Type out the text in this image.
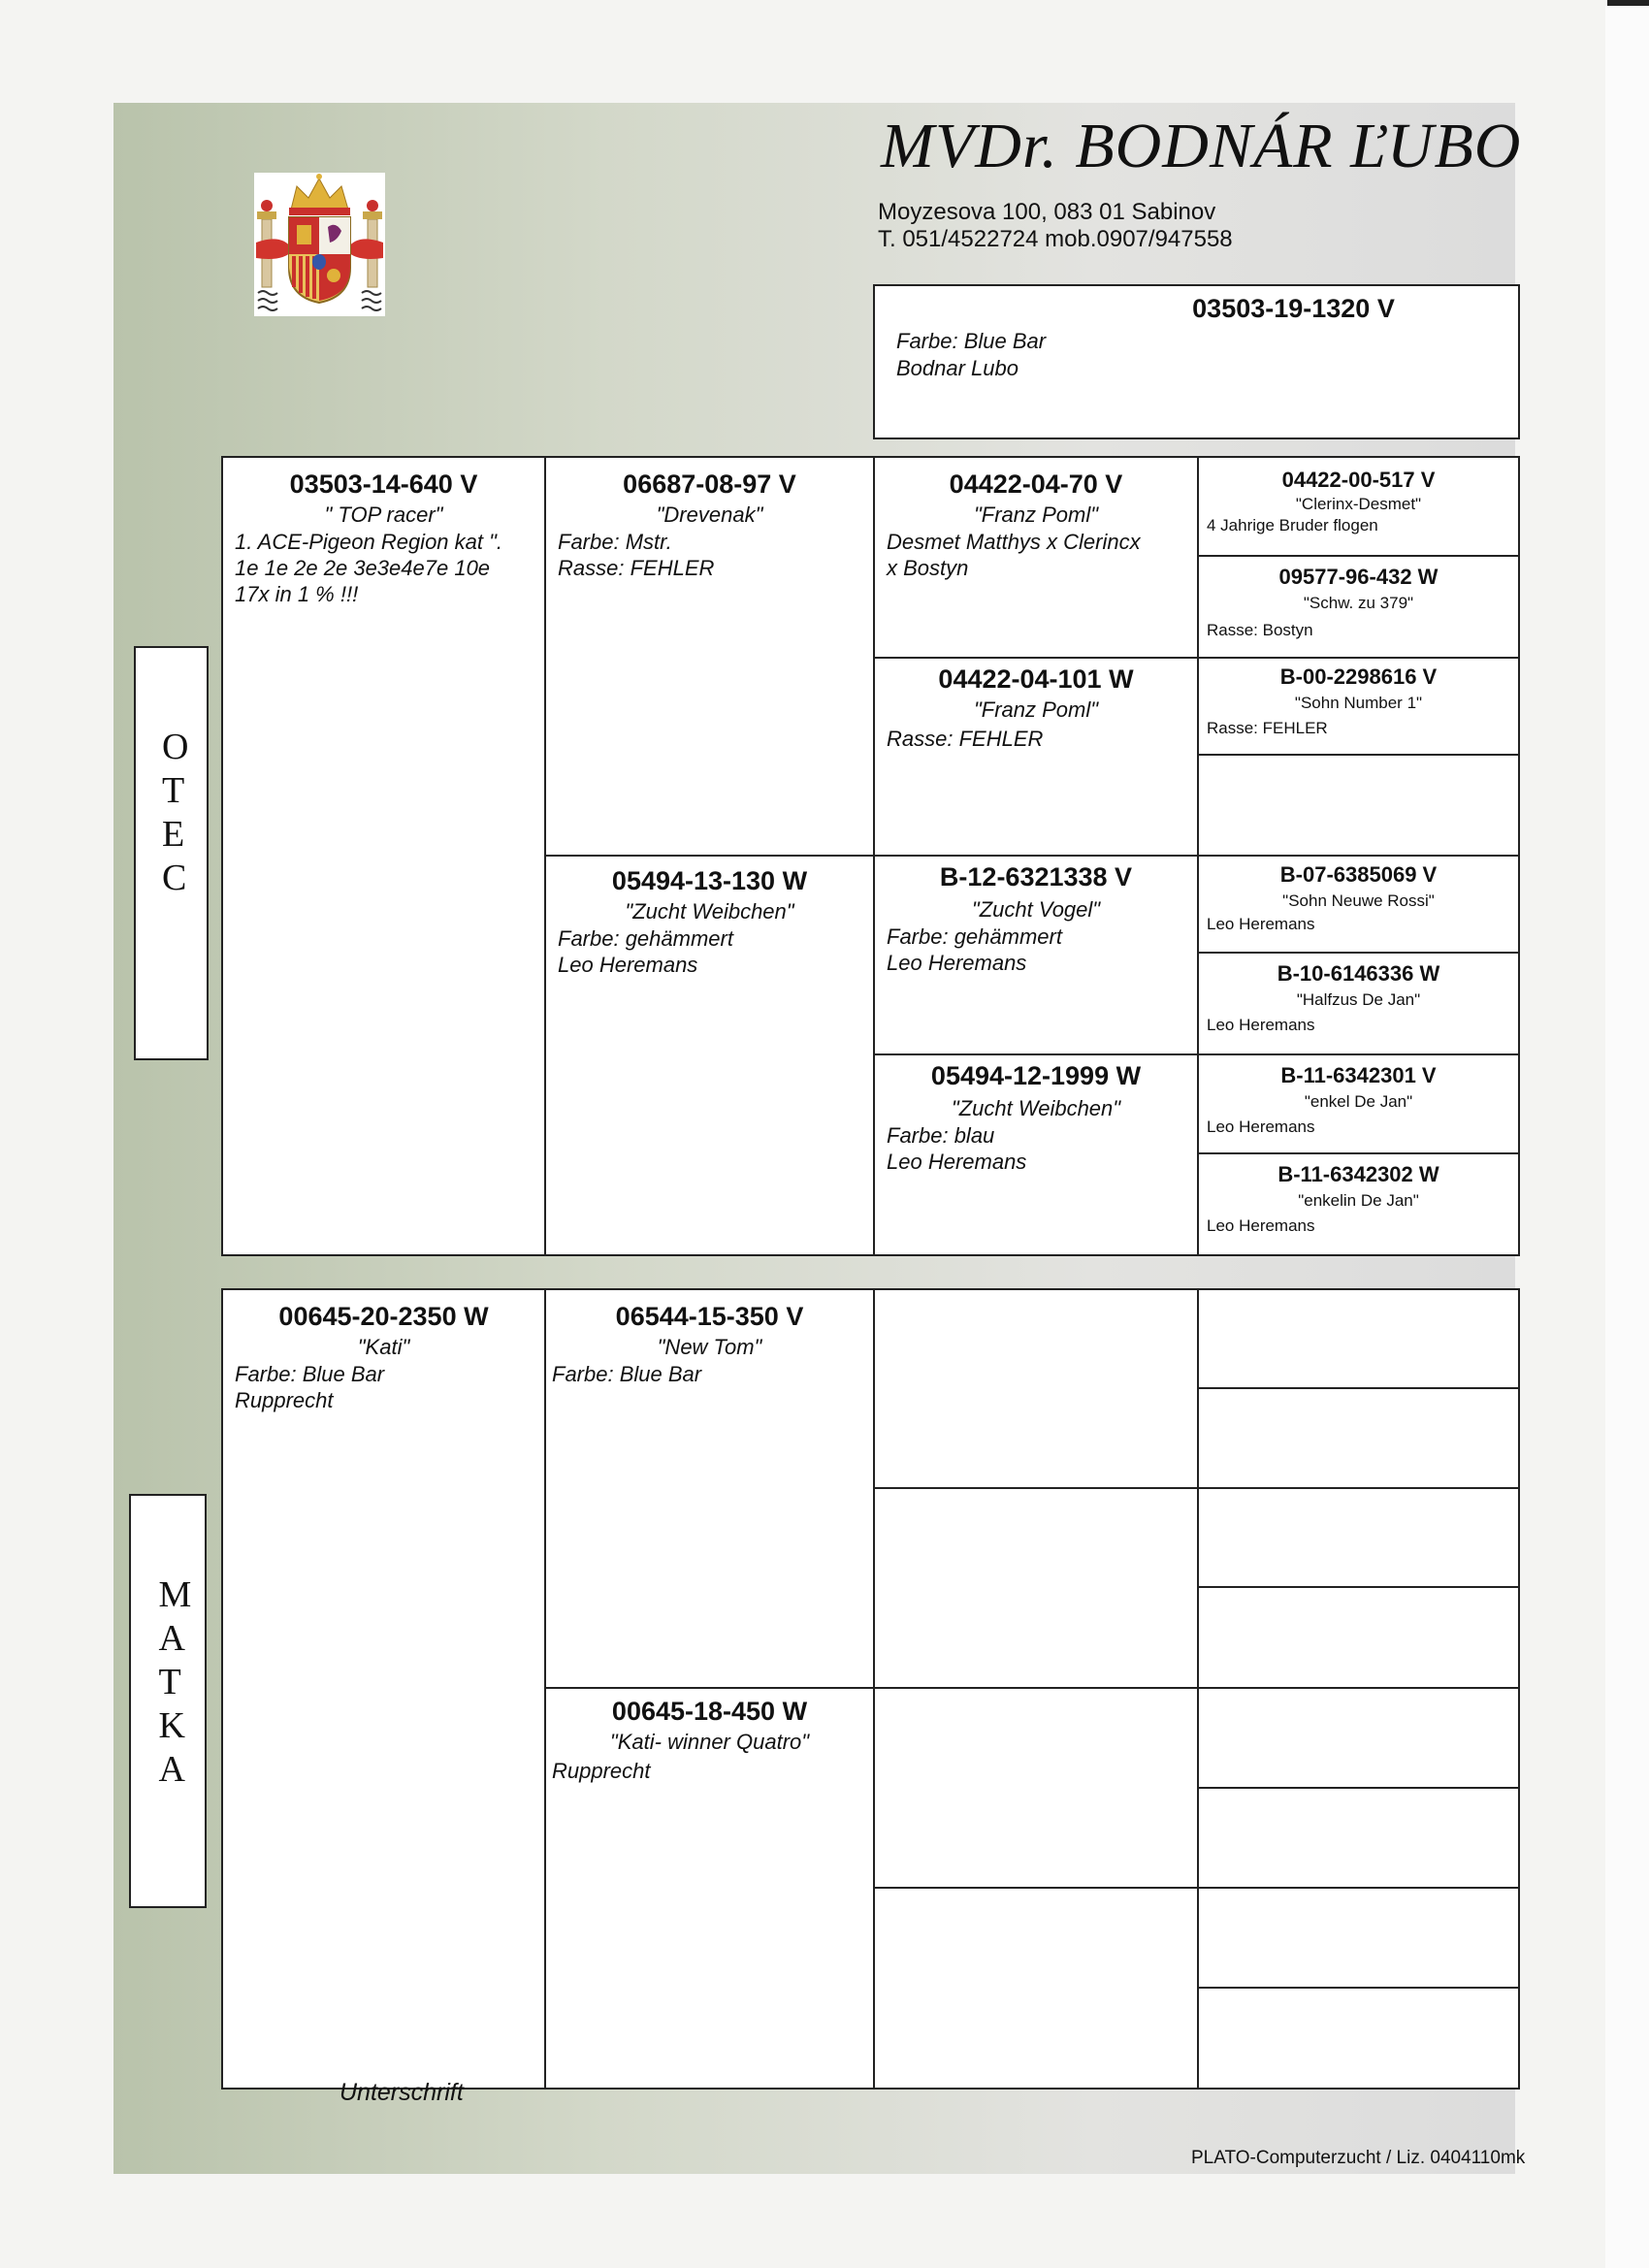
MVDr. BODNÁR ĽUBO
Moyzesova 100, 083 01 Sabinov
T. 051/4522724 mob.0907/947558
03503-19-1320 V
Farbe: Blue Bar
Bodnar Lubo
OTEC
MATKA
03503-14-640 V
" TOP racer"
1. ACE-Pigeon Region kat ".
1e 1e 2e 2e 3e3e4e7e 10e
17x in 1 % !!!
06687-08-97 V
"Drevenak"
Farbe: Mstr.
Rasse: FEHLER
05494-13-130 W
"Zucht Weibchen"
Farbe: gehämmert
Leo Heremans
04422-04-70 V
"Franz Poml"
Desmet Matthys x Clerincx
x Bostyn
04422-04-101 W
"Franz Poml"
Rasse: FEHLER
B-12-6321338 V
"Zucht Vogel"
Farbe: gehämmert
Leo Heremans
05494-12-1999 W
"Zucht Weibchen"
Farbe: blau
Leo Heremans
04422-00-517 V
"Clerinx-Desmet"
4 Jahrige Bruder flogen
09577-96-432 W
"Schw. zu 379"
Rasse: Bostyn
B-00-2298616 V
"Sohn Number 1"
Rasse: FEHLER
B-07-6385069 V
"Sohn Neuwe Rossi"
Leo Heremans
B-10-6146336 W
"Halfzus De Jan"
Leo Heremans
B-11-6342301 V
"enkel De Jan"
Leo Heremans
B-11-6342302 W
"enkelin De Jan"
Leo Heremans
00645-20-2350 W
"Kati"
Farbe: Blue Bar
Rupprecht
06544-15-350 V
"New Tom"
Farbe: Blue Bar
00645-18-450 W
"Kati- winner Quatro"
Rupprecht
Unterschrift
PLATO-Computerzucht / Liz. 0404110mk
